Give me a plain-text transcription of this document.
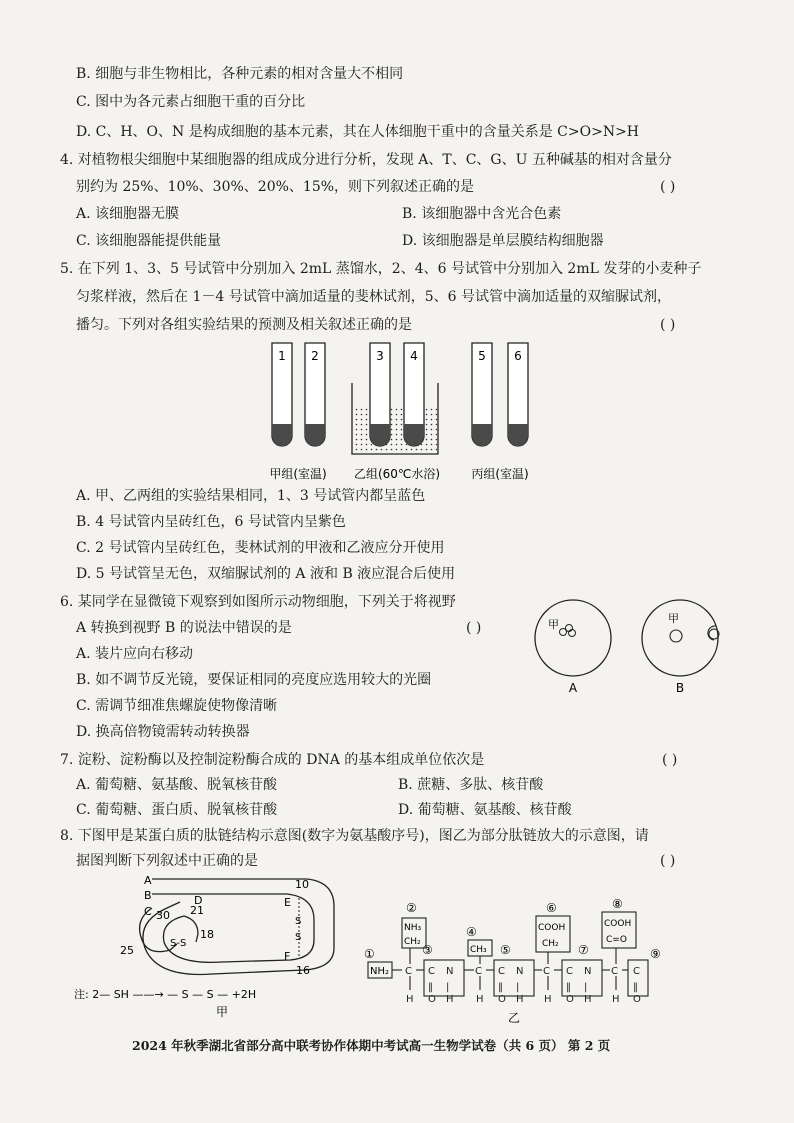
B. 细胞与非生物相比，各种元素的相对含量大不相同
C. 图中为各元素占细胞干重的百分比
D. C、H、O、N 是构成细胞的基本元素，其在人体细胞干重中的含量关系是 C>O>N>H
4. 对植物根尖细胞中某细胞器的组成成分进行分析，发现 A、T、C、G、U 五种碱基的相对含量分
别约为 25%、10%、30%、20%、15%，则下列叙述正确的是	( )
A. 该细胞器无膜	B. 该细胞器中含光合色素
C. 该细胞器能提供能量	D. 该细胞器是单层膜结构细胞器
5. 在下列 1、3、5 号试管中分别加入 2mL 蒸馏水，2、4、6 号试管中分别加入 2mL 发芽的小麦种子
匀浆样液，然后在 1－4 号试管中滴加适量的斐林试剂，5、6 号试管中滴加适量的双缩脲试剂，
播匀。下列对各组实验结果的预测及相关叙述正确的是	( )
1 2	3 4	5 6
甲组(室温) 乙组(60℃水浴)	丙组(室温)
A. 甲、乙两组的实验结果相同，1、3 号试管内都呈蓝色
B. 4 号试管内呈砖红色，6 号试管内呈紫色
C. 2 号试管内呈砖红色，斐林试剂的甲液和乙液应分开使用
D. 5 号试管呈无色，双缩脲试剂的 A 液和 B 液应混合后使用
6. 某同学在显微镜下观察到如图所示动物细胞，下列关于将视野
A 转换到视野 B 的说法中错误的是	( )
A. 装片应向右移动
B. 如不调节反光镜，要保证相同的亮度应选用较大的光圈
C. 需调节细准焦螺旋使物像清晰
D. 换高倍物镜需转动转换器
甲
A
甲
B
7. 淀粉、淀粉酶以及控制淀粉酶合成的 DNA 的基本组成单位依次是	( )
A. 葡萄糖、氨基酸、脱氧核苷酸	B. 蔗糖、多肽、核苷酸
C. 葡萄糖、蛋白质、脱氧核苷酸	D. 葡萄糖、氨基酸、核苷酸
8. 下图甲是某蛋白质的肽链结构示意图(数字为氨基酸序号)，图乙为部分肽链放大的示意图，请
据图判断下列叙述中正确的是	( )
A
B
C 30
25
21
D
18
S-S
10
E
S
S
F
16
注: 2— SH ——→ — S — S — +2H
甲
①
②
③
④
⑤
⑥
⑦
⑧
⑨
NH₂
NH₃
CH₂
CH₃
COOH
CH₂
COOH
C=O
C
H
C
‖
O
N
|
H
C
H
C
‖
O
N
|
H
C
H
C
‖
O
N
|
H
C
H
C
‖
O
乙
2024 年秋季湖北省部分高中联考协作体期中考试高一生物学试卷（共 6 页） 第 2 页
